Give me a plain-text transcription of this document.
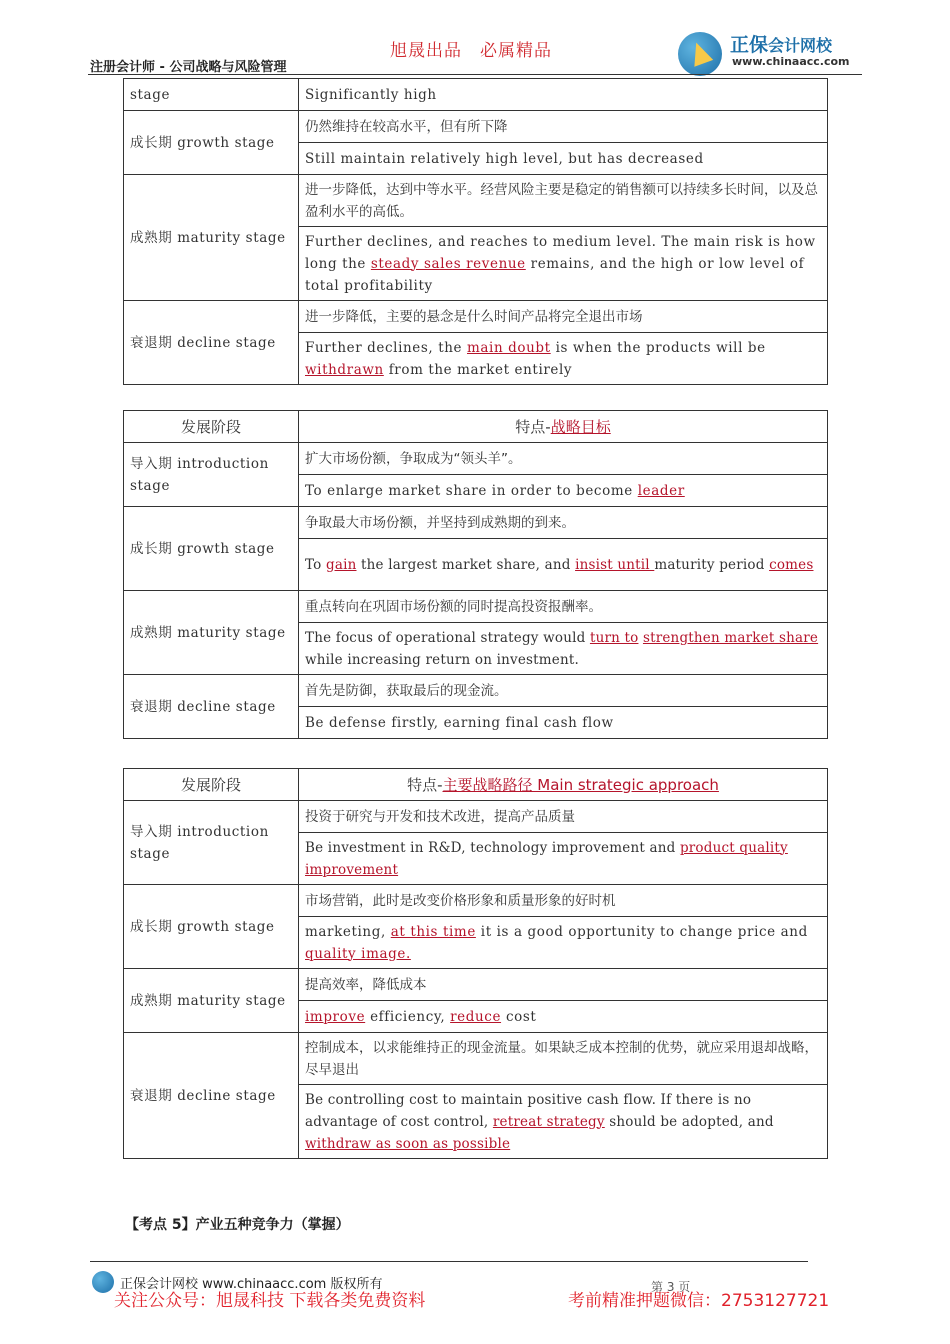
注册会计师 - 公司战略与风险管理
旭晟出品 必属精品	正保会计网校
www.chinaacc.com
stage	Significantly high
成长期 growth stage	仍然维持在较高水平，但有所下降
	Still maintain relatively high level, but has decreased
成熟期 maturity stage	进一步降低，达到中等水平。经营风险主要是稳定的销售额可以持续多长时间，以及总盈利水平的高低。
	Further declines, and reaches to medium level. The main risk is how long the steady sales revenue remains, and the high or low level of total profitability
衰退期 decline stage	进一步降低，主要的悬念是什么时间产品将完全退出市场
	Further declines, the main doubt is when the products will be withdrawn from the market entirely
发展阶段	特点-战略目标
导入期 introduction stage	扩大市场份额，争取成为“领头羊”。
	To enlarge market share in order to become leader
成长期 growth stage	争取最大市场份额，并坚持到成熟期的到来。
	To gain the largest market share, and insist until maturity period comes
成熟期 maturity stage	重点转向在巩固市场份额的同时提高投资报酬率。
	The focus of operational strategy would turn to strengthen market share while increasing return on investment.
衰退期 decline stage	首先是防御，获取最后的现金流。
	Be defense firstly, earning final cash flow
发展阶段	特点-主要战略路径 Main strategic approach
导入期 introduction stage	投资于研究与开发和技术改进，提高产品质量
	Be investment in R&D, technology improvement and product quality improvement
成长期 growth stage	市场营销，此时是改变价格形象和质量形象的好时机
	marketing, at this time it is a good opportunity to change price and quality image.
成熟期 maturity stage	提高效率，降低成本
	improve efficiency, reduce cost
衰退期 decline stage	控制成本，以求能维持正的现金流量。如果缺乏成本控制的优势，就应采用退却战略，尽早退出
	Be controlling cost to maintain positive cash flow. If there is no advantage of cost control, retreat strategy should be adopted, and withdraw as soon as possible
【考点 5】产业五种竞争力（掌握）
正保会计网校 www.chinaacc.com 版权所有	第 3 页
关注公众号：旭晟科技 下载各类免费资料	考前精准押题微信：2753127721
